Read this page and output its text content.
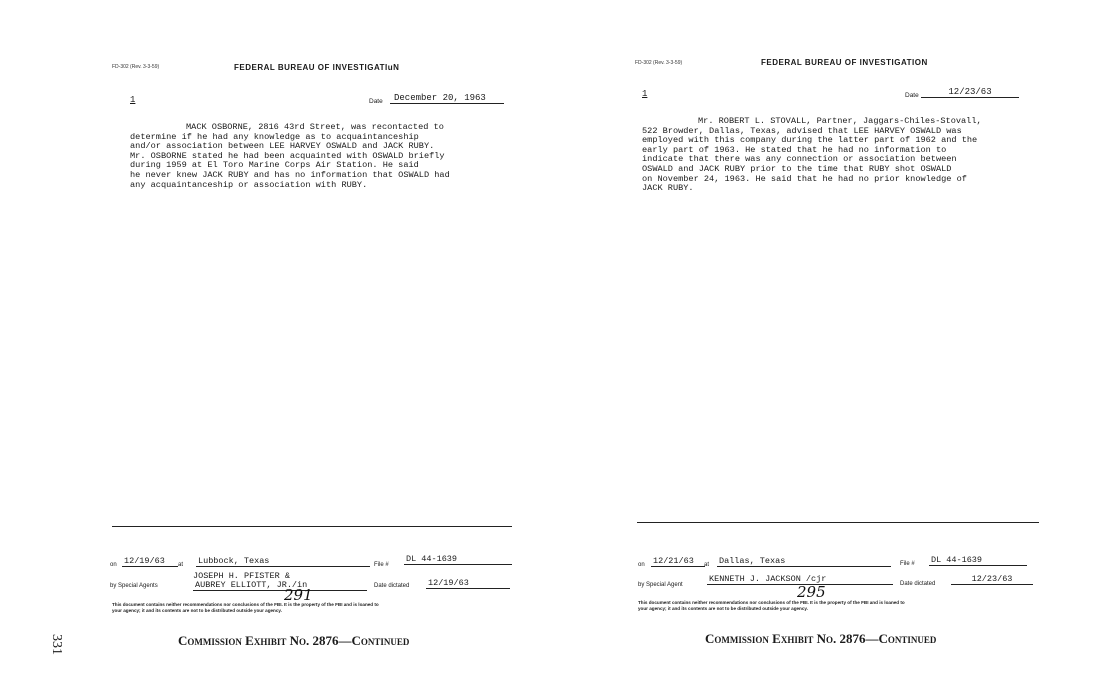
FD-302 (Rev. 3-3-59)	FEDERAL BUREAU OF INVESTIGATIuN
1	Date	December 20, 1963
MACK OSBORNE, 2816 43rd Street, was recontacted to
determine if he had any knowledge as to acquaintanceship
and/or association between LEE HARVEY OSWALD and JACK RUBY.
Mr. OSBORNE stated he had been acquainted with OSWALD briefly
during 1959 at El Toro Marine Corps Air Station. He said
he never knew JACK RUBY and has no information that OSWALD had
any acquaintanceship or association with RUBY.
on 12/19/63	at Lubbock, Texas	File #
DL 44-1639
by Special Agents
JOSEPH H. PFISTER &
AUBREY ELLIOTT, JR./in	Date dictated 12/19/63
291
This document contains neither recommendations nor conclusions of the FBI. It is the property of the FBI and is loaned to
your agency; it and its contents are not to be distributed outside your agency.
Commission Exhibit No. 2876—Continued
331
FD-302 (Rev. 3-3-59)	FEDERAL BUREAU OF INVESTIGATION
1	Date	12/23/63
Mr. ROBERT L. STOVALL, Partner, Jaggars-Chiles-Stovall,
522 Browder, Dallas, Texas, advised that LEE HARVEY OSWALD was
employed with this company during the latter part of 1962 and the
early part of 1963. He stated that he had no information to
indicate that there was any connection or association between
OSWALD and JACK RUBY prior to the time that RUBY shot OSWALD
on November 24, 1963. He said that he had no prior knowledge of
JACK RUBY.
on 12/21/63	at Dallas, Texas	File # DL 44-1639
by Special Agent
KENNETH J. JACKSON /cjr	Date dictated	12/23/63
295
This document contains neither recommendations nor conclusions of the FBI. It is the property of the FBI and is loaned to
your agency; it and its contents are not to be distributed outside your agency.
Commission Exhibit No. 2876—Continued
